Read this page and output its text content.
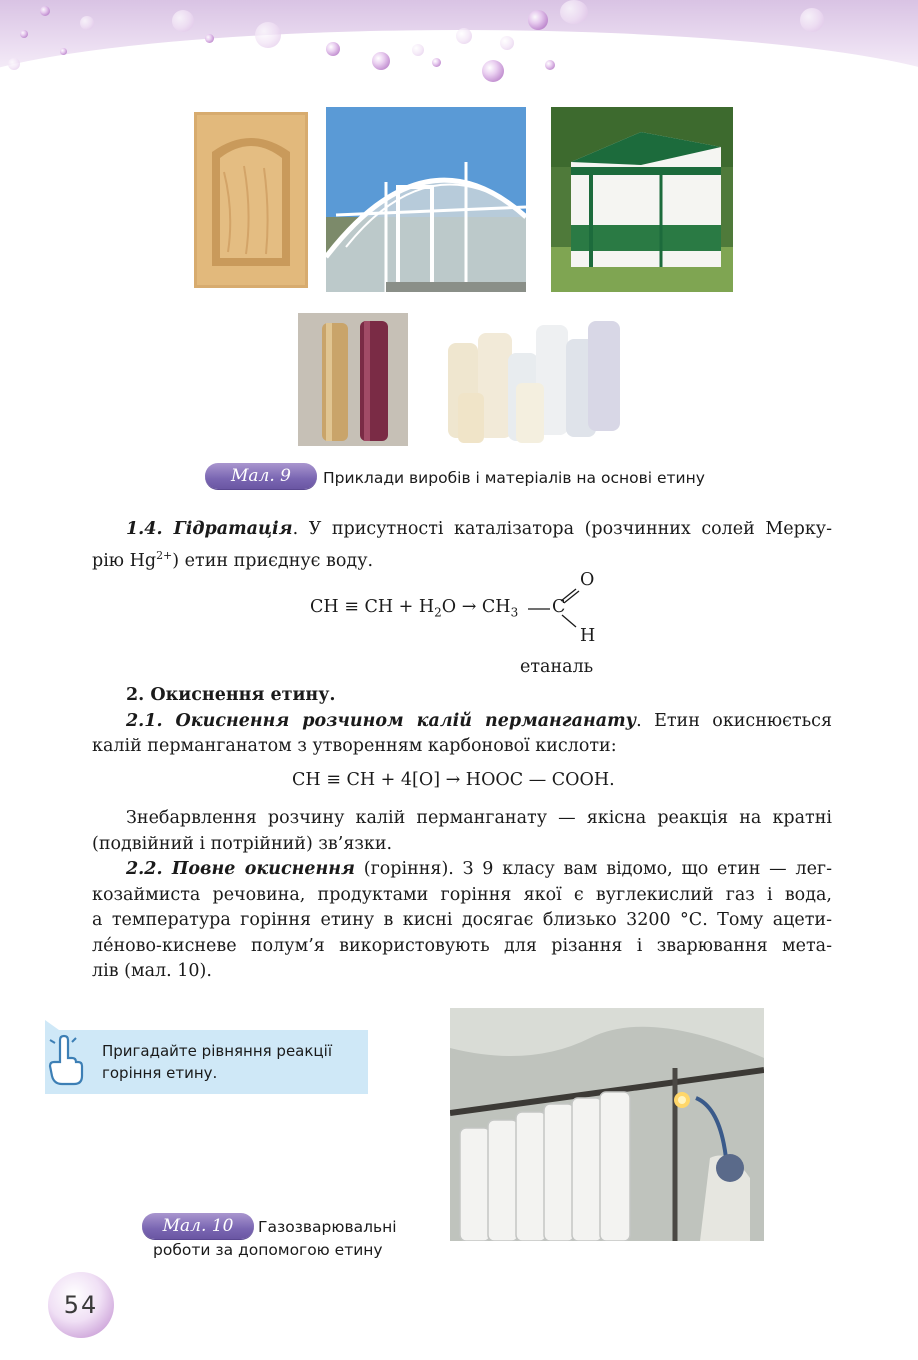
Мал. 9	Приклади виробів і матеріалів на основі етину
1.4. Гідратація. У присутності каталізатора (розчинних солей Мерку-
рію $Hg^{2+}$) етин приєднує воду.
CH ≡ CH + $H_2O \to CH_3$
O
C
H
етаналь
2. Окиснення етину.
2.1. Окиснення розчином калій перманганату. Етин окиснюється
калій перманганатом з утворенням карбонової кислоти:
CH ≡ CH + 4[O] → HOOC — COOH.
Знебарвлення розчину калій перманганату — якісна реакція на кратні
(подвійний і потрійний) зв’язки.
2.2. Повне окиснення (горіння). З 9 класу вам відомо, що етин — лег-
козаймиста речовина, продуктами горіння якої є вуглекислий газ і вода,
а температура горіння етину в кисні досягає близько 3200 °С. Тому ацети-
лéново-кисневе полум’я використовують для різання і зварювання мета-
лів (мал. 10).
Пригадайте рівняння реакції
горіння етину.
Мал. 10	Газозварювальні
роботи за допомогою етину
54
